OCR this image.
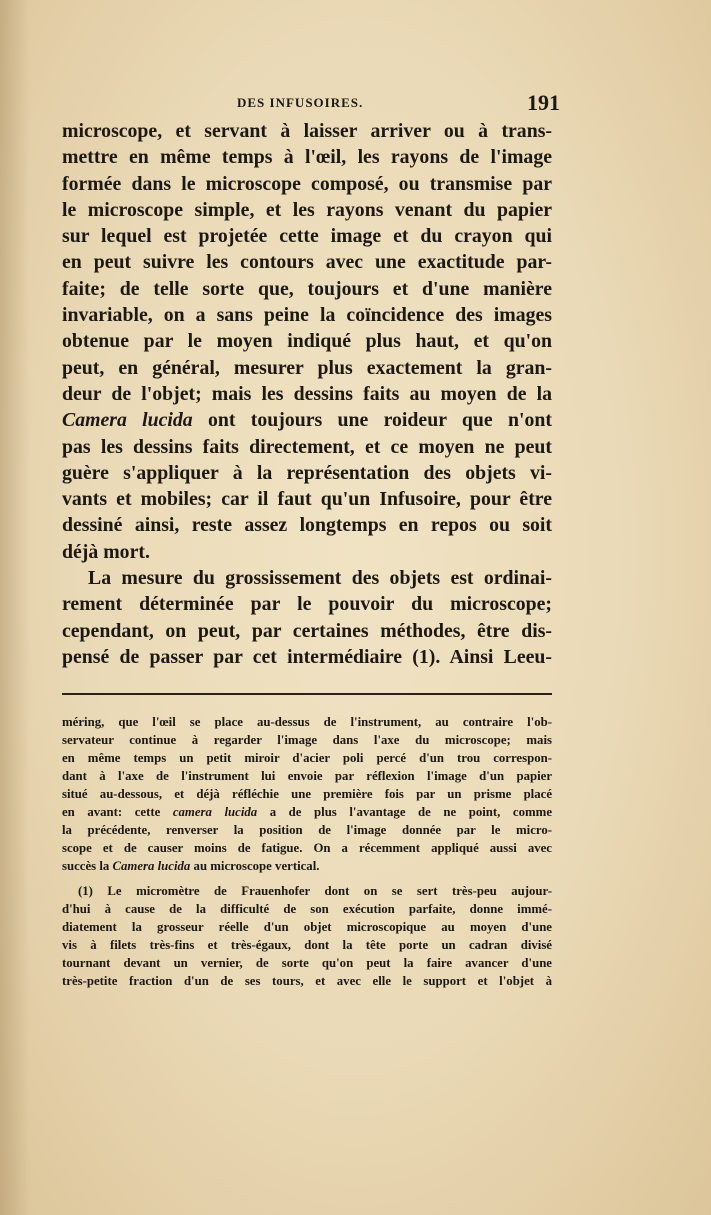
DES INFUSOIRES.	191
microscope, et servant à laisser arriver ou à trans-
mettre en même temps à l'œil, les rayons de l'image
formée dans le microscope composé, ou transmise par
le microscope simple, et les rayons venant du papier
sur lequel est projetée cette image et du crayon qui
en peut suivre les contours avec une exactitude par-
faite; de telle sorte que, toujours et d'une manière
invariable, on a sans peine la coïncidence des images
obtenue par le moyen indiqué plus haut, et qu'on
peut, en général, mesurer plus exactement la gran-
deur de l'objet; mais les dessins faits au moyen de la
Camera lucida ont toujours une roideur que n'ont
pas les dessins faits directement, et ce moyen ne peut
guère s'appliquer à la représentation des objets vi-
vants et mobiles; car il faut qu'un Infusoire, pour être
dessiné ainsi, reste assez longtemps en repos ou soit
déjà mort.
La mesure du grossissement des objets est ordinai-
rement déterminée par le pouvoir du microscope;
cependant, on peut, par certaines méthodes, être dis-
pensé de passer par cet intermédiaire (1). Ainsi Leeu-
méring, que l'œil se place au-dessus de l'instrument, au contraire l'ob-
servateur continue à regarder l'image dans l'axe du microscope; mais
en même temps un petit miroir d'acier poli percé d'un trou correspon-
dant à l'axe de l'instrument lui envoie par réflexion l'image d'un papier
situé au-dessous, et déjà réfléchie une première fois par un prisme placé
en avant: cette camera lucida a de plus l'avantage de ne point, comme
la précédente, renverser la position de l'image donnée par le micro-
scope et de causer moins de fatigue. On a récemment appliqué aussi avec
succès la Camera lucida au microscope vertical.
(1) Le micromètre de Frauenhofer dont on se sert très-peu aujour-
d'hui à cause de la difficulté de son exécution parfaite, donne immé-
diatement la grosseur réelle d'un objet microscopique au moyen d'une
vis à filets très-fins et très-égaux, dont la tête porte un cadran divisé
tournant devant un vernier, de sorte qu'on peut la faire avancer d'une
très-petite fraction d'un de ses tours, et avec elle le support et l'objet à
